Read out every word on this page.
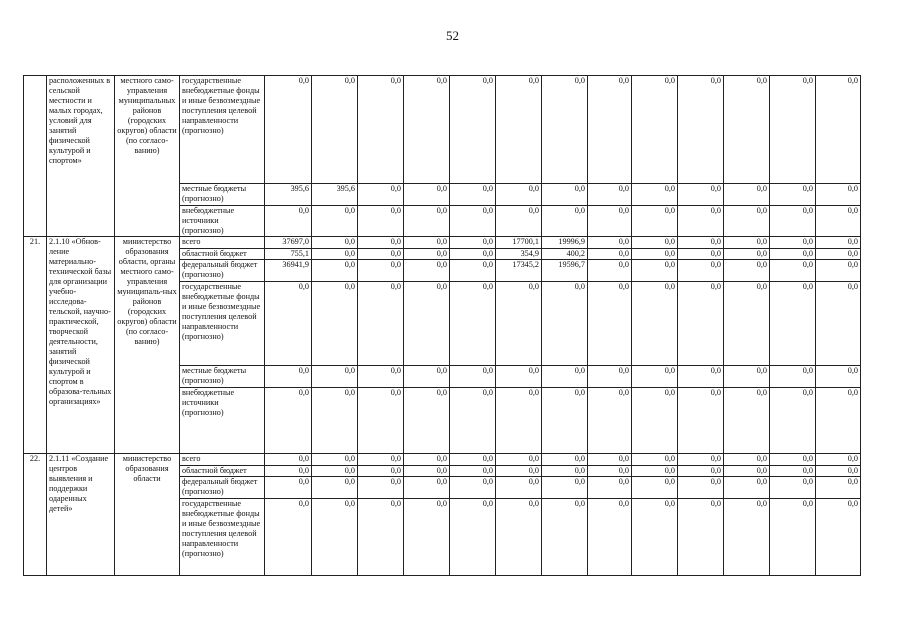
52
	расположенных в сельской местности и малых городах, условий для занятий физической культурой и спортом»	местного само-управления муниципальных районов (городских округов) области (по согласо-ванию)	государственные внебюджетные фонды и иные безвозмездные поступления целевой направленности (прогнозно)	0,0	0,0	0,0	0,0	0,0	0,0	0,0	0,0	0,0	0,0	0,0	0,0	0,0
			местные бюджеты (прогнозно)	395,6	395,6	0,0	0,0	0,0	0,0	0,0	0,0	0,0	0,0	0,0	0,0	0,0
			внебюджетные источники (прогнозно)	0,0	0,0	0,0	0,0	0,0	0,0	0,0	0,0	0,0	0,0	0,0	0,0	0,0
21.	2.1.10 «Обнов-ление материально-технической базы для организации учебно-исследова-тельской, научно-практической, творческой деятельности, занятий физической культурой и спортом в образова-тельных организациях»	министерство образования области, органы местного само-управления муниципаль-ных районов (городских округов) области (по согласо-ванию)	всего	37697,0	0,0	0,0	0,0	0,0	17700,1	19996,9	0,0	0,0	0,0	0,0	0,0	0,0
			областной бюджет	755,1	0,0	0,0	0,0	0,0	354,9	400,2	0,0	0,0	0,0	0,0	0,0	0,0
			федеральный бюджет (прогнозно)	36941,9	0,0	0,0	0,0	0,0	17345,2	19596,7	0,0	0,0	0,0	0,0	0,0	0,0
			государственные внебюджетные фонды и иные безвозмездные поступления целевой направленности (прогнозно)	0,0	0,0	0,0	0,0	0,0	0,0	0,0	0,0	0,0	0,0	0,0	0,0	0,0
			местные бюджеты (прогнозно)	0,0	0,0	0,0	0,0	0,0	0,0	0,0	0,0	0,0	0,0	0,0	0,0	0,0
			внебюджетные источники (прогнозно)	0,0	0,0	0,0	0,0	0,0	0,0	0,0	0,0	0,0	0,0	0,0	0,0	0,0
22.	2.1.11 «Создание центров выявления и поддержки одаренных детей»	министерство образования области	всего	0,0	0,0	0,0	0,0	0,0	0,0	0,0	0,0	0,0	0,0	0,0	0,0	0,0
			областной бюджет	0,0	0,0	0,0	0,0	0,0	0,0	0,0	0,0	0,0	0,0	0,0	0,0	0,0
			федеральный бюджет (прогнозно)	0,0	0,0	0,0	0,0	0,0	0,0	0,0	0,0	0,0	0,0	0,0	0,0	0,0
			государственные внебюджетные фонды и иные безвозмездные поступления целевой направленности (прогнозно)	0,0	0,0	0,0	0,0	0,0	0,0	0,0	0,0	0,0	0,0	0,0	0,0	0,0
